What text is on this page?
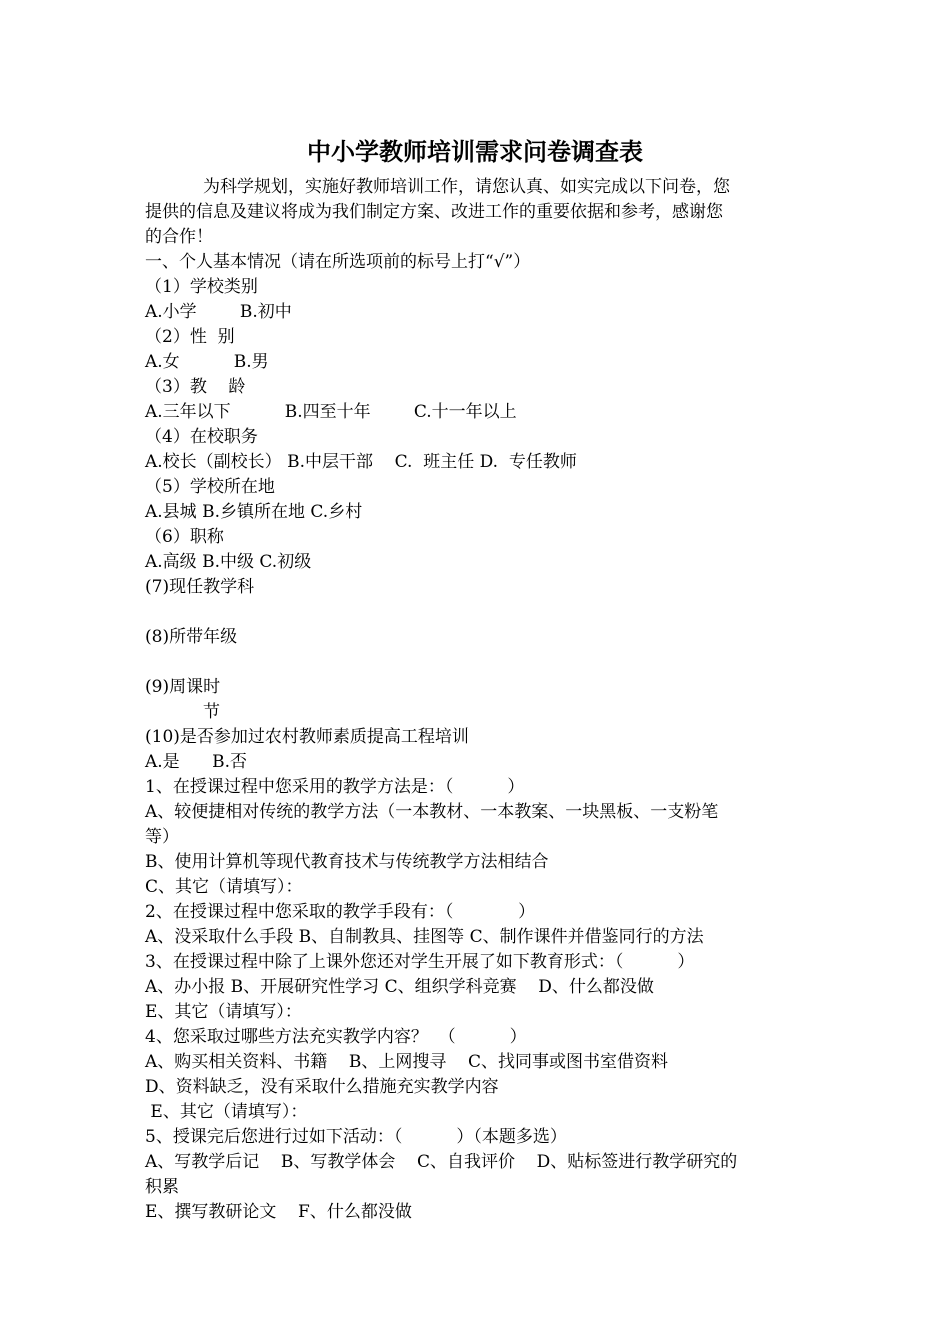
中小学教师培训需求问卷调查表
为科学规划，实施好教师培训工作，请您认真、如实完成以下问卷，您
提供的信息及建议将成为我们制定方案、改进工作的重要依据和参考，感谢您
的合作！
一、个人基本情况（请在所选项前的标号上打“√”）
（1）学校类别
A.小学        B.初中
（2）性  别
A.女          B.男
（3）教    龄
A.三年以下          B.四至十年        C.十一年以上
（4）在校职务
A.校长（副校长） B.中层干部    C.  班主任 D.  专任教师
（5）学校所在地
A.县城 B.乡镇所在地 C.乡村
（6）职称
A.高级 B.中级 C.初级
(7)现任教学科
(8)所带年级
(9)周课时
节
(10)是否参加过农村教师素质提高工程培训
A.是      B.否
1、在授课过程中您采用的教学方法是：（          ）
A、较便捷相对传统的教学方法（一本教材、一本教案、一块黑板、一支粉笔
等）
B、使用计算机等现代教育技术与传统教学方法相结合
C、其它（请填写）：
2、在授课过程中您采取的教学手段有：（            ）
A、没采取什么手段 B、自制教具、挂图等 C、制作课件并借鉴同行的方法
3、在授课过程中除了上课外您还对学生开展了如下教育形式：（          ）
A、办小报 B、开展研究性学习 C、组织学科竞赛    D、什么都没做
E、其它（请填写）：
4、您采取过哪些方法充实教学内容？  （          ）
A、购买相关资料、书籍    B、上网搜寻    C、找同事或图书室借资料
D、资料缺乏，没有采取什么措施充实教学内容
E、其它（请填写）：
5、授课完后您进行过如下活动：（          ）（本题多选）
A、写教学后记    B、写教学体会    C、自我评价    D、贴标签进行教学研究的
积累
E、撰写教研论文    F、什么都没做
